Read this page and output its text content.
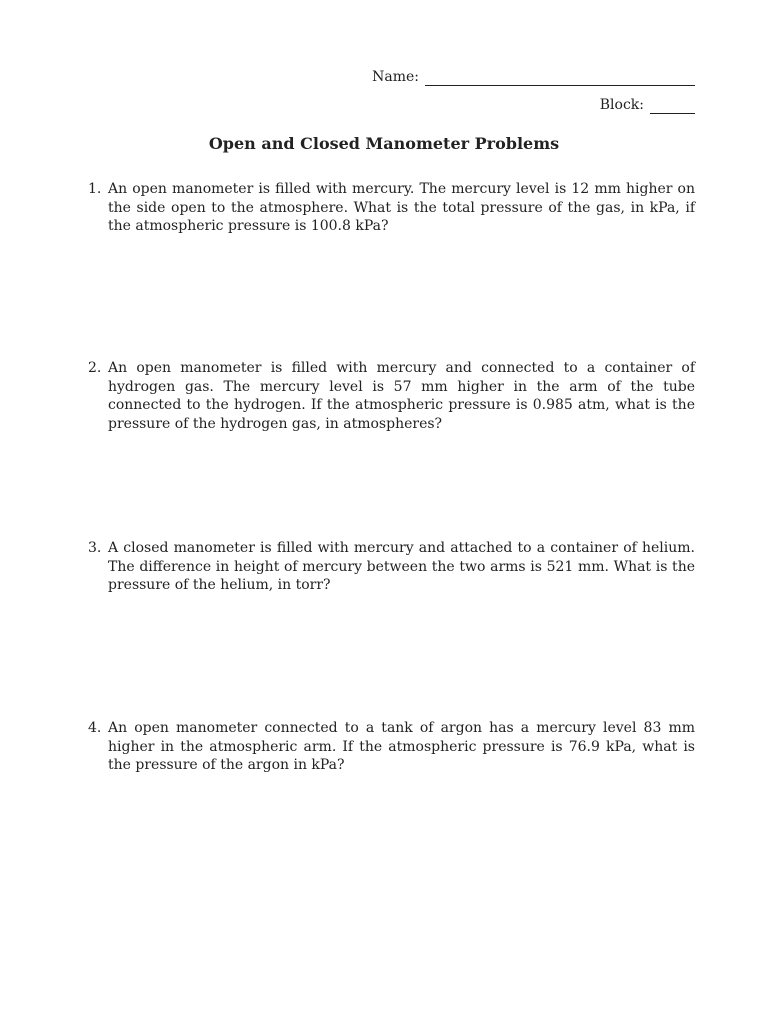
Name:
Block:
Open and Closed Manometer Problems
1. An open manometer is filled with mercury. The mercury level is 12 mm higher on the side open to the atmosphere. What is the total pressure of the gas, in kPa, if the atmospheric pressure is 100.8 kPa?
2. An open manometer is filled with mercury and connected to a container of hydrogen gas. The mercury level is 57 mm higher in the arm of the tube connected to the hydrogen. If the atmospheric pressure is 0.985 atm, what is the pressure of the hydrogen gas, in atmospheres?
3. A closed manometer is filled with mercury and attached to a container of helium. The difference in height of mercury between the two arms is 521 mm. What is the pressure of the helium, in torr?
4. An open manometer connected to a tank of argon has a mercury level 83 mm higher in the atmospheric arm. If the atmospheric pressure is 76.9 kPa, what is the pressure of the argon in kPa?
